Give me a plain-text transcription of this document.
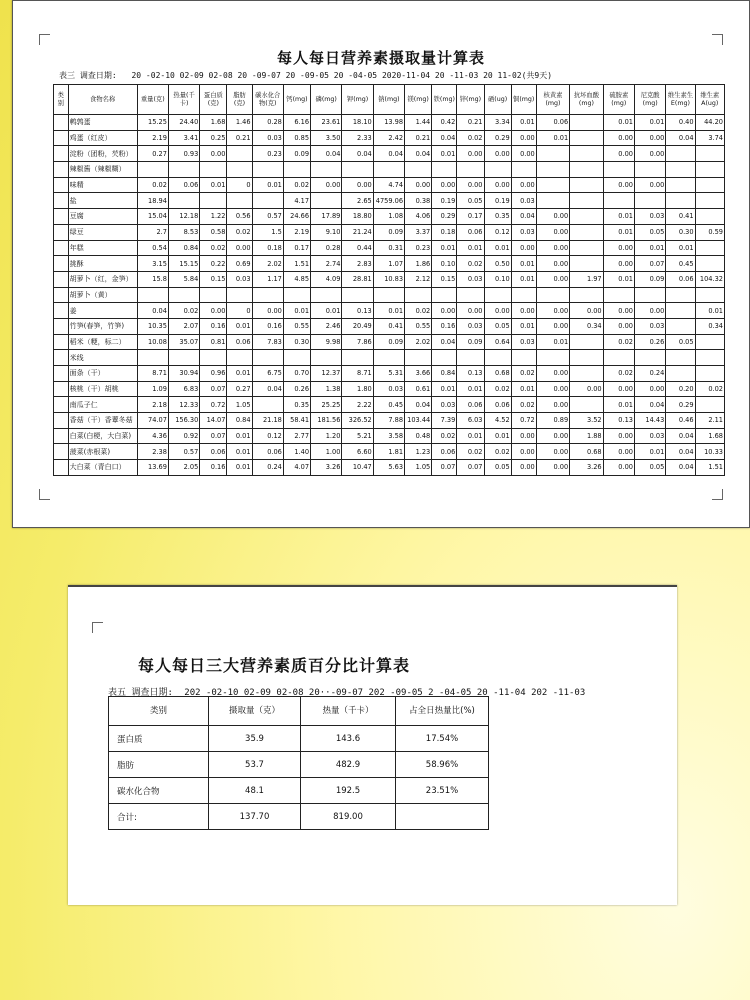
每人每日营养素摄取量计算表
表三 调查日期: 20 -02-10 02-09 02-08 20 -09-07 20 -09-05 20 -04-05 2020-11-04 20 -11-03 20 11-02(共9天)
类别	食物名称	重量(克)	热量(千卡)	蛋白质(克)	脂肪(克)	碳水化合物(克)	钙(mg)	磷(mg)	钾(mg)	钠(mg)	镁(mg)	铁(mg)	锌(mg)	硒(ug)	铜(mg)	核黄素(mg)	抗坏血酸(mg)	硫胺素(mg)	尼克酸(mg)	维生素生E(mg)	维生素A(ug)
	鹌鹑蛋	15.25	24.40	1.68	1.46	0.28	6.16	23.61	18.10	13.98	1.44	0.42	0.21	3.34	0.01	0.06		0.01	0.01	0.40	44.20
	鸡蛋（红皮）	2.19	3.41	0.25	0.21	0.03	0.85	3.50	2.33	2.42	0.21	0.04	0.02	0.29	0.00	0.01		0.00	0.00	0.04	3.74
	淀粉（团粉，芡粉）	0.27	0.93	0.00		0.23	0.09	0.04	0.04	0.04	0.04	0.01	0.00	0.00	0.00			0.00	0.00		
	辣椒酱（辣椒糊）																				
	味精	0.02	0.06	0.01	0	0.01	0.02	0.00	0.00	4.74	0.00	0.00	0.00	0.00	0.00			0.00	0.00		
	盐	18.94					4.17		2.65	4759.06	0.38	0.19	0.05	0.19	0.03						
	豆腐	15.04	12.18	1.22	0.56	0.57	24.66	17.89	18.80	1.08	4.06	0.29	0.17	0.35	0.04	0.00		0.01	0.03	0.41	
	绿豆	2.7	8.53	0.58	0.02	1.5	2.19	9.10	21.24	0.09	3.37	0.18	0.06	0.12	0.03	0.00		0.01	0.05	0.30	0.59
	年糕	0.54	0.84	0.02	0.00	0.18	0.17	0.28	0.44	0.31	0.23	0.01	0.01	0.01	0.00	0.00		0.00	0.01	0.01	
	挑酥	3.15	15.15	0.22	0.69	2.02	1.51	2.74	2.83	1.07	1.86	0.10	0.02	0.50	0.01	0.00		0.00	0.07	0.45	
	胡萝卜（红，金笋）	15.8	5.84	0.15	0.03	1.17	4.85	4.09	28.81	10.83	2.12	0.15	0.03	0.10	0.01	0.00	1.97	0.01	0.09	0.06	104.32
	胡萝卜（黄）																				
	姜	0.04	0.02	0.00	0	0.00	0.01	0.01	0.13	0.01	0.02	0.00	0.00	0.00	0.00	0.00	0.00	0.00	0.00		0.01
	竹笋(春笋，竹笋)	10.35	2.07	0.16	0.01	0.16	0.55	2.46	20.49	0.41	0.55	0.16	0.03	0.05	0.01	0.00	0.34	0.00	0.03		0.34
	稻米（粳，标二）	10.08	35.07	0.81	0.06	7.83	0.30	9.98	7.86	0.09	2.02	0.04	0.09	0.64	0.03	0.01		0.02	0.26	0.05	
	米线																				
	面条（干）	8.71	30.94	0.96	0.01	6.75	0.70	12.37	8.71	5.31	3.66	0.84	0.13	0.68	0.02	0.00		0.02	0.24		
	核桃（干）胡桃	1.09	6.83	0.07	0.27	0.04	0.26	1.38	1.80	0.03	0.61	0.01	0.01	0.02	0.01	0.00	0.00	0.00	0.00	0.20	0.02
	南瓜子仁	2.18	12.33	0.72	1.05		0.35	25.25	2.22	0.45	0.04	0.03	0.06	0.06	0.02	0.00		0.01	0.04	0.29	
	香菇（干）香蕈冬菇	74.07	156.30	14.07	0.84	21.18	58.41	181.56	326.52	7.88	103.44	7.39	6.03	4.52	0.72	0.89	3.52	0.13	14.43	0.46	2.11
	白菜(白梗，大白菜)	4.36	0.92	0.07	0.01	0.12	2.77	1.20	5.21	3.58	0.48	0.02	0.01	0.01	0.00	0.00	1.88	0.00	0.03	0.04	1.68
	菠菜(赤根菜)	2.38	0.57	0.06	0.01	0.06	1.40	1.00	6.60	1.81	1.23	0.06	0.02	0.02	0.00	0.00	0.68	0.00	0.01	0.04	10.33
	大白菜（青白口）	13.69	2.05	0.16	0.01	0.24	4.07	3.26	10.47	5.63	1.05	0.07	0.07	0.05	0.00	0.00	3.26	0.00	0.05	0.04	1.51
每人每日三大营养素质百分比计算表
表五 调查日期: 202 -02-10 02-09 02-08 20··-09-07 202 -09-05 2 -04-05 20 -11-04 202 -11-03
类别	摄取量（克）	热量（千卡）	占全日热量比(%)
蛋白质	35.9	143.6	17.54%
脂肪	53.7	482.9	58.96%
碳水化合物	48.1	192.5	23.51%
合计:	137.70	819.00	
